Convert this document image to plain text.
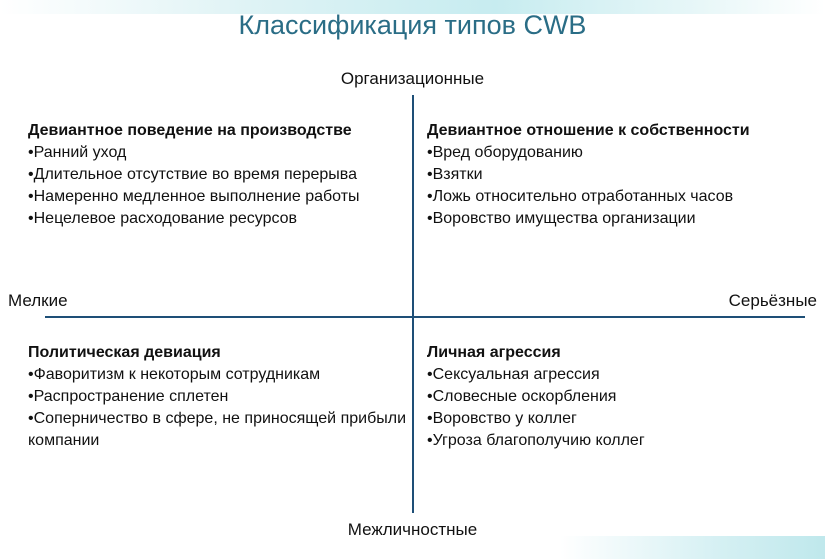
Классификация типов CWB
Организационные
Межличностные
Мелкие	Серьёзные
Девиантное поведение на производстве
• Ранний уход
• Длительное отсутствие во время перерыва
• Намеренно медленное выполнение работы
• Нецелевое расходование ресурсов
Девиантное отношение к собственности
• Вред оборудованию
• Взятки
• Ложь относительно отработанных часов
• Воровство имущества организации
Политическая девиация
• Фаворитизм к некоторым сотрудникам
• Распространение сплетен
• Соперничество в сфере, не приносящей прибыли компании
Личная агрессия
• Сексуальная агрессия
• Словесные оскорбления
• Воровство у коллег
• Угроза благополучию коллег
